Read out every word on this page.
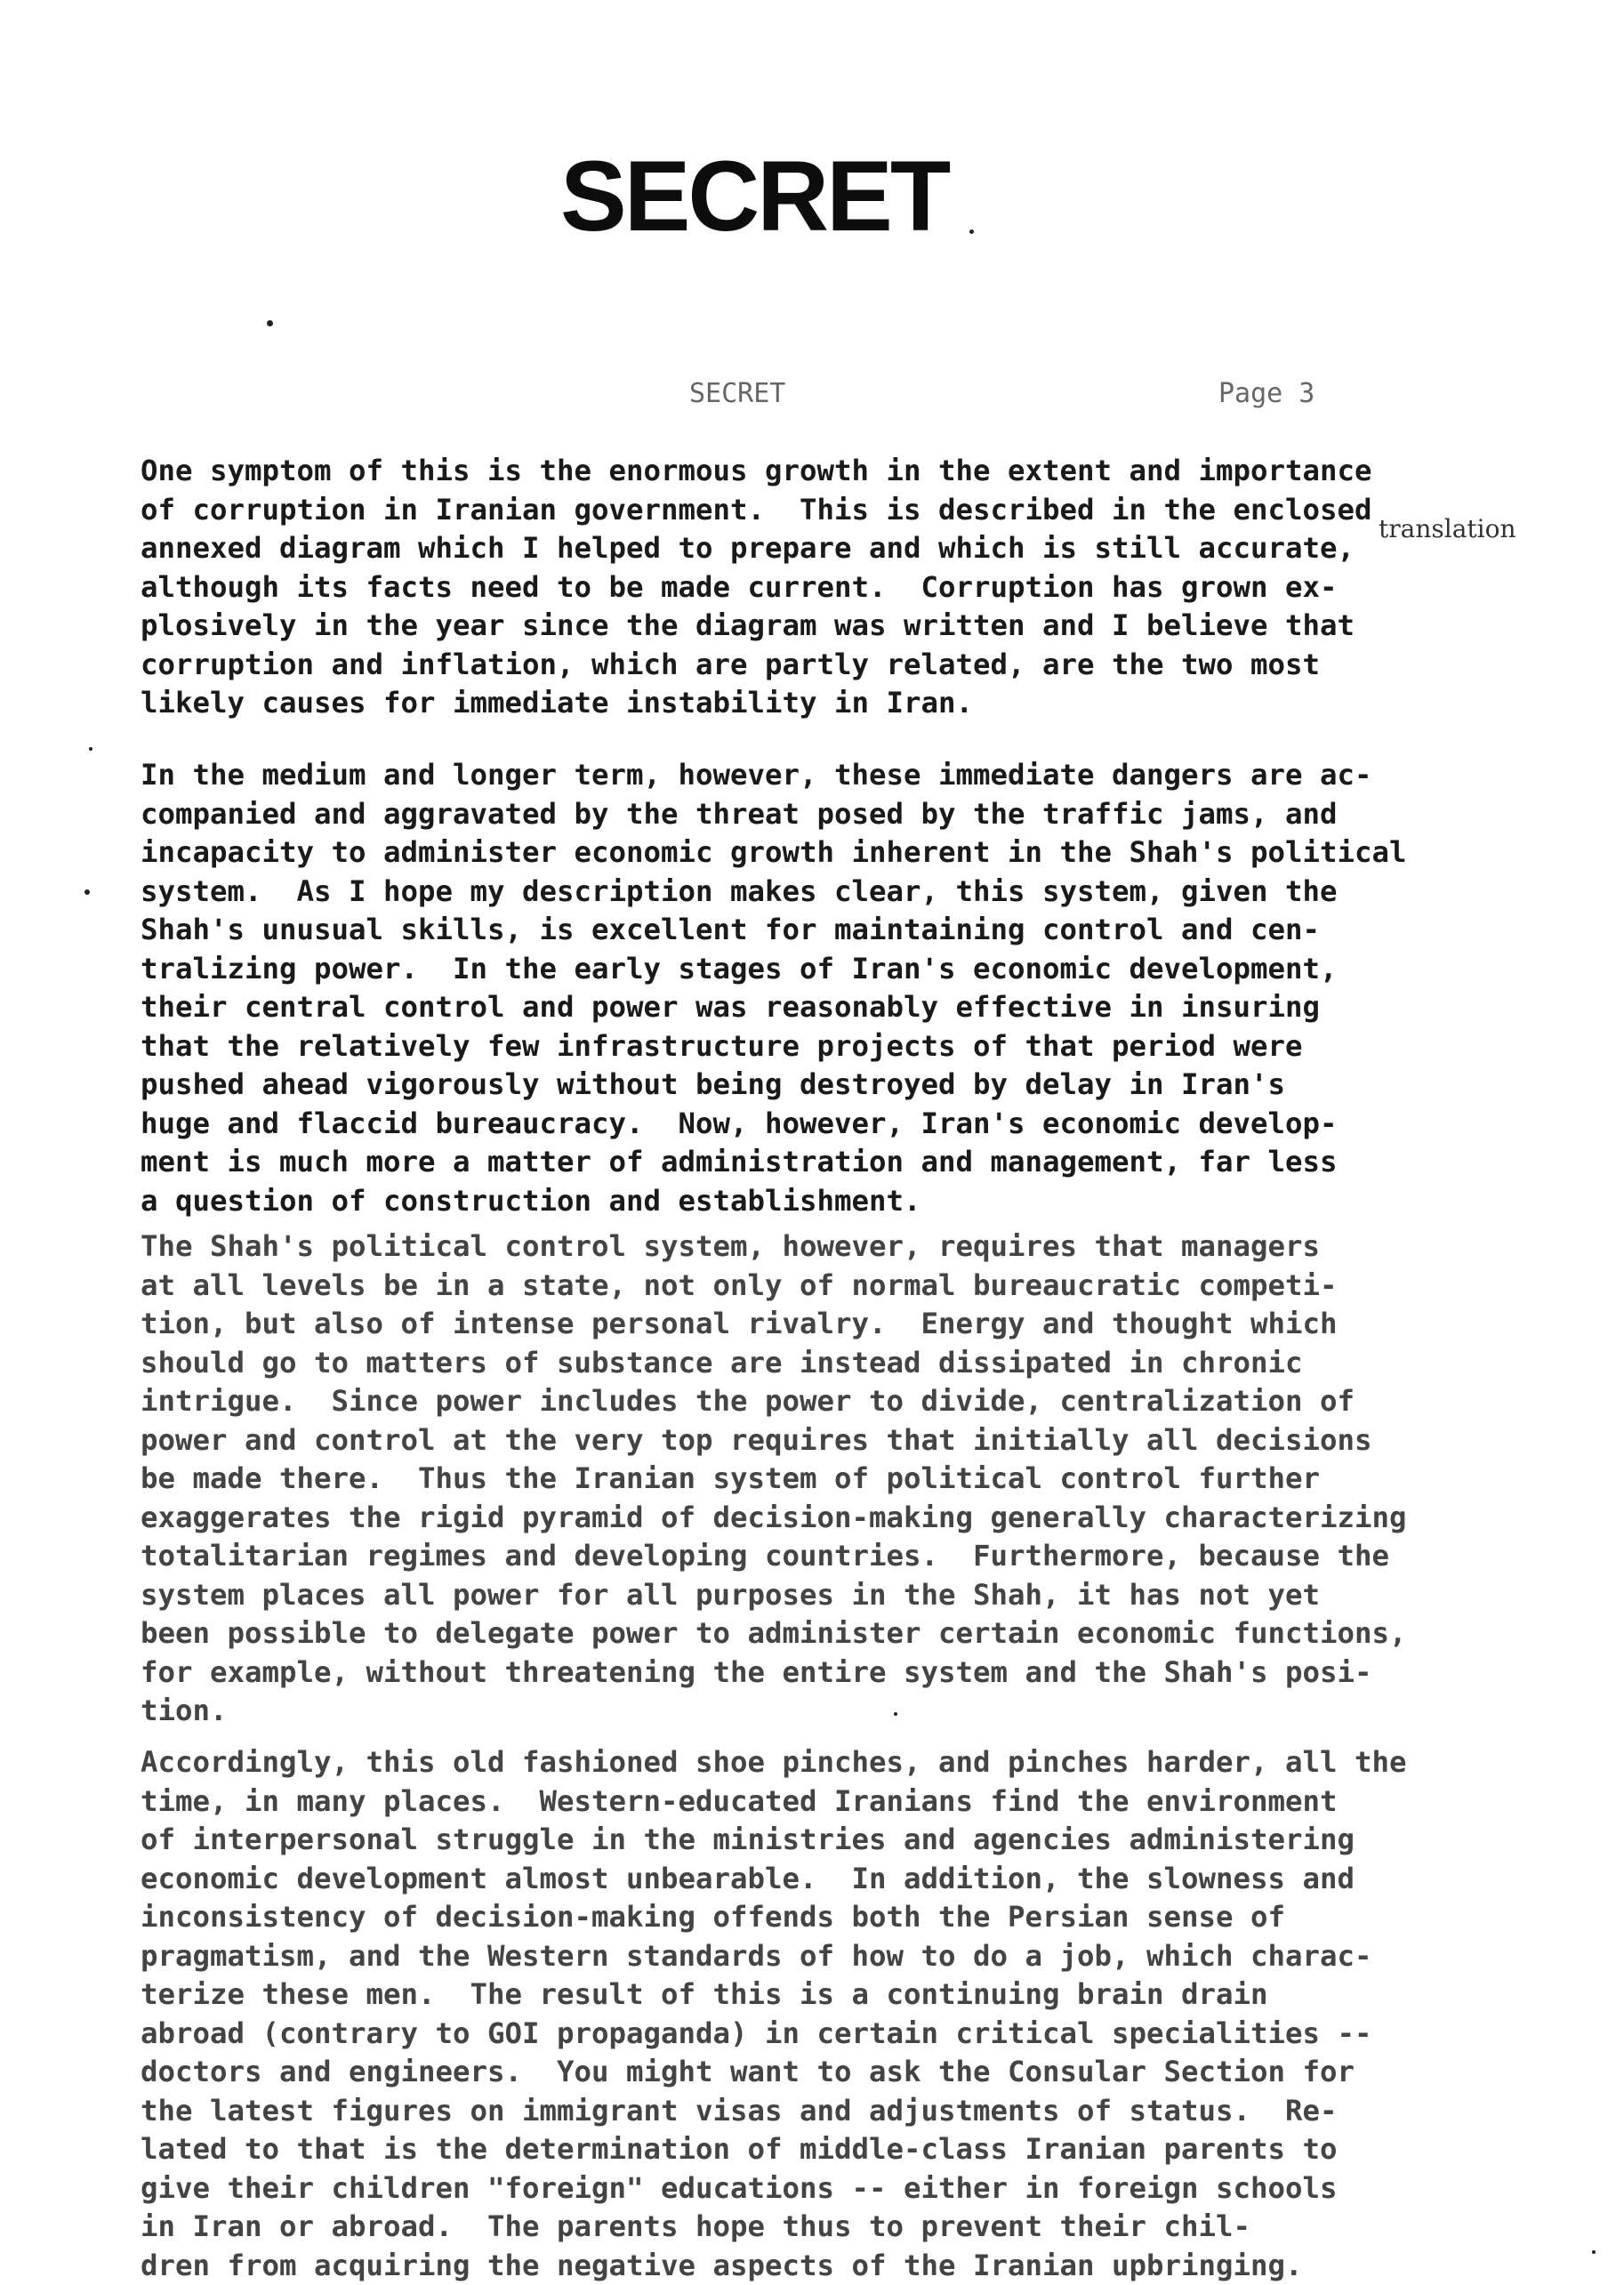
SECRET
SECRET	Page 3
translation
One symptom of this is the enormous growth in the extent and importance
of corruption in Iranian government.  This is described in the enclosed
annexed diagram which I helped to prepare and which is still accurate,
although its facts need to be made current.  Corruption has grown ex-
plosively in the year since the diagram was written and I believe that
corruption and inflation, which are partly related, are the two most
likely causes for immediate instability in Iran.
In the medium and longer term, however, these immediate dangers are ac-
companied and aggravated by the threat posed by the traffic jams, and
incapacity to administer economic growth inherent in the Shah's political
system.  As I hope my description makes clear, this system, given the
Shah's unusual skills, is excellent for maintaining control and cen-
tralizing power.  In the early stages of Iran's economic development,
their central control and power was reasonably effective in insuring
that the relatively few infrastructure projects of that period were
pushed ahead vigorously without being destroyed by delay in Iran's
huge and flaccid bureaucracy.  Now, however, Iran's economic develop-
ment is much more a matter of administration and management, far less
a question of construction and establishment.
The Shah's political control system, however, requires that managers
at all levels be in a state, not only of normal bureaucratic competi-
tion, but also of intense personal rivalry.  Energy and thought which
should go to matters of substance are instead dissipated in chronic
intrigue.  Since power includes the power to divide, centralization of
power and control at the very top requires that initially all decisions
be made there.  Thus the Iranian system of political control further
exaggerates the rigid pyramid of decision-making generally characterizing
totalitarian regimes and developing countries.  Furthermore, because the
system places all power for all purposes in the Shah, it has not yet
been possible to delegate power to administer certain economic functions,
for example, without threatening the entire system and the Shah's posi-
tion.
Accordingly, this old fashioned shoe pinches, and pinches harder, all the
time, in many places.  Western-educated Iranians find the environment
of interpersonal struggle in the ministries and agencies administering
economic development almost unbearable.  In addition, the slowness and
inconsistency of decision-making offends both the Persian sense of
pragmatism, and the Western standards of how to do a job, which charac-
terize these men.  The result of this is a continuing brain drain
abroad (contrary to GOI propaganda) in certain critical specialities --
doctors and engineers.  You might want to ask the Consular Section for
the latest figures on immigrant visas and adjustments of status.  Re-
lated to that is the determination of middle-class Iranian parents to
give their children "foreign" educations -- either in foreign schools
in Iran or abroad.  The parents hope thus to prevent their chil-
dren from acquiring the negative aspects of the Iranian upbringing.
